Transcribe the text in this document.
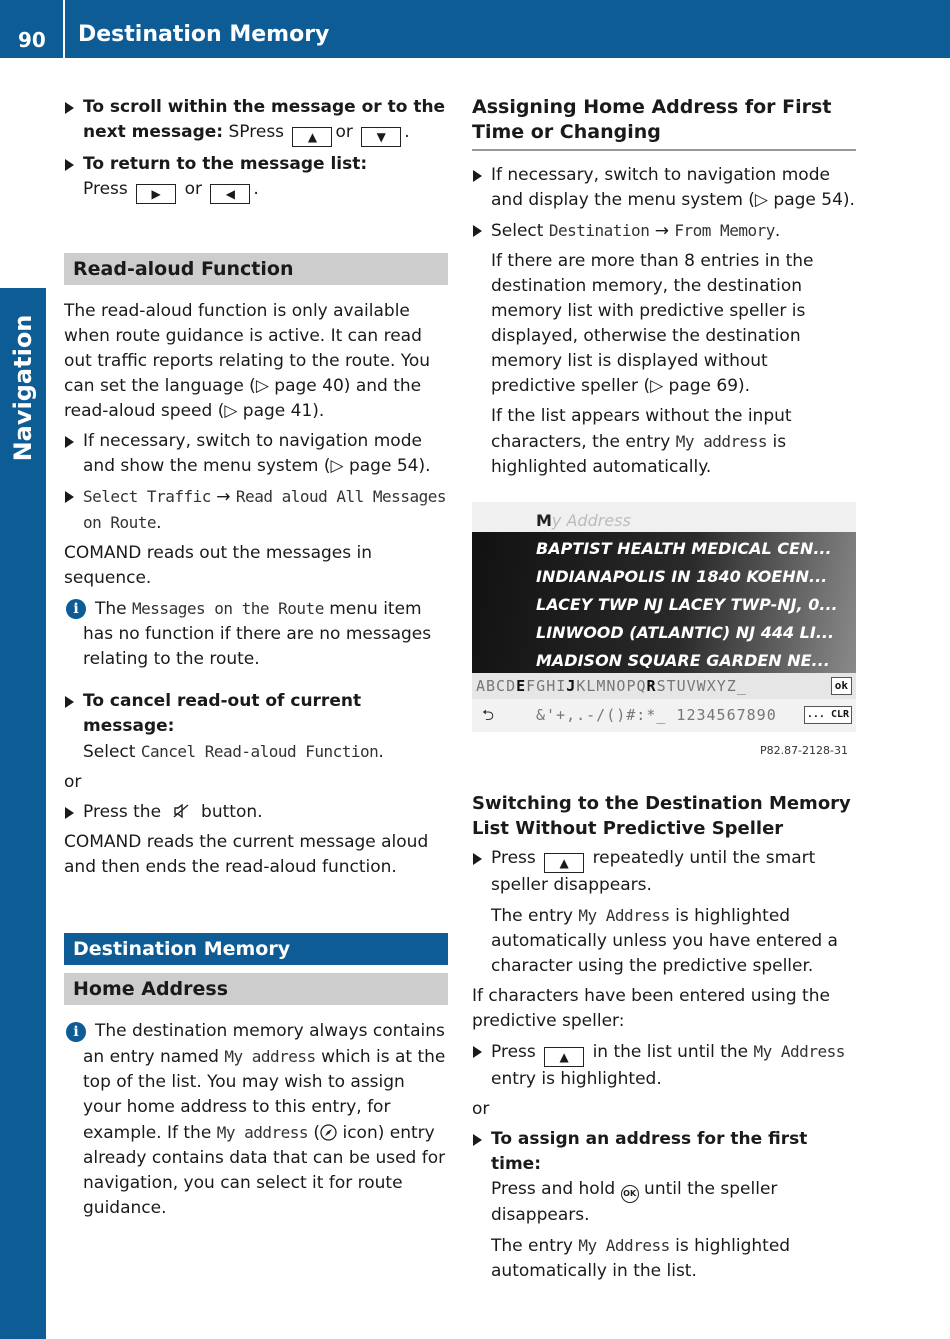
90 Destination Memory
Navigation
To scroll within the message or to the next message: SPress ▲ or ▼ .
To return to the message list:
Press ▶ or ◀ .
Read-aloud Function
The read-aloud function is only available when route guidance is active. It can read out traffic reports relating to the route. You can set the language (▷ page 40) and the read-aloud speed (▷ page 41).
If necessary, switch to navigation mode and show the menu system (▷ page 54).
Select Traffic → Read aloud All Messages on Route.
COMAND reads out the messages in sequence.
i The Messages on the Route menu item has no function if there are no messages relating to the route.
To cancel read-out of current message:
Select Cancel Read-aloud Function.
or
Press the button.
COMAND reads the current message aloud and then ends the read-aloud function.
Destination Memory
Home Address
i The destination memory always contains an entry named My address which is at the top of the list. You may wish to assign your home address to this entry, for example. If the My address ( icon) entry already contains data that can be used for navigation, you can select it for route guidance.
Assigning Home Address for First Time or Changing
If necessary, switch to navigation mode and display the menu system (▷ page 54).
Select Destination → From Memory.
If there are more than 8 entries in the destination memory, the destination memory list with predictive speller is displayed, otherwise the destination memory list is displayed without predictive speller (▷ page 69).
If the list appears without the input characters, the entry My address is highlighted automatically.
My Address
BAPTIST HEALTH MEDICAL CEN...
INDIANAPOLIS IN 1840 KOEHN...
LACEY TWP NJ LACEY TWP-NJ, 0...
LINWOOD (ATLANTIC) NJ 444 LI...
MADISON SQUARE GARDEN NE...
ABCDEFGHIJKLMNOPQRSTUVWXYZ_	ok
⮌	&'+,.-/()#:*_ 1234567890	... CLR
P82.87-2128-31
Switching to the Destination Memory List Without Predictive Speller
Press ▲ repeatedly until the smart speller disappears.
The entry My Address is highlighted automatically unless you have entered a character using the predictive speller.
If characters have been entered using the predictive speller:
Press ▲ in the list until the My Address entry is highlighted.
or
To assign an address for the first time:
Press and hold OK until the speller disappears.
The entry My Address is highlighted automatically in the list.
